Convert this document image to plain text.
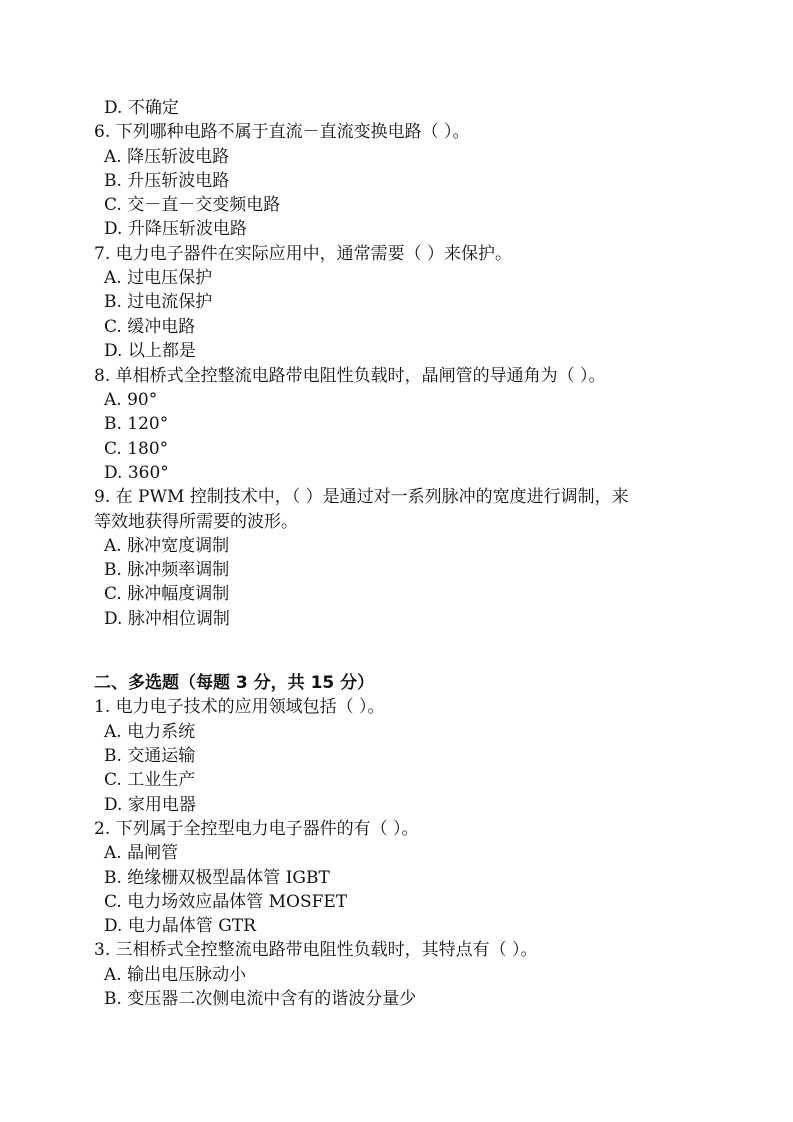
D. 不确定
6. 下列哪种电路不属于直流－直流变换电路（ ）。
A. 降压斩波电路
B. 升压斩波电路
C. 交－直－交变频电路
D. 升降压斩波电路
7. 电力电子器件在实际应用中，通常需要（ ）来保护。
A. 过电压保护
B. 过电流保护
C. 缓冲电路
D. 以上都是
8. 单相桥式全控整流电路带电阻性负载时，晶闸管的导通角为（ ）。
A. 90°
B. 120°
C. 180°
D. 360°
9. 在 PWM 控制技术中，（ ）是通过对一系列脉冲的宽度进行调制，来
等效地获得所需要的波形。
A. 脉冲宽度调制
B. 脉冲频率调制
C. 脉冲幅度调制
D. 脉冲相位调制
二、多选题（每题 3 分，共 15 分）
1. 电力电子技术的应用领域包括（ ）。
A. 电力系统
B. 交通运输
C. 工业生产
D. 家用电器
2. 下列属于全控型电力电子器件的有（ ）。
A. 晶闸管
B. 绝缘栅双极型晶体管 IGBT
C. 电力场效应晶体管 MOSFET
D. 电力晶体管 GTR
3. 三相桥式全控整流电路带电阻性负载时，其特点有（ ）。
A. 输出电压脉动小
B. 变压器二次侧电流中含有的谐波分量少
